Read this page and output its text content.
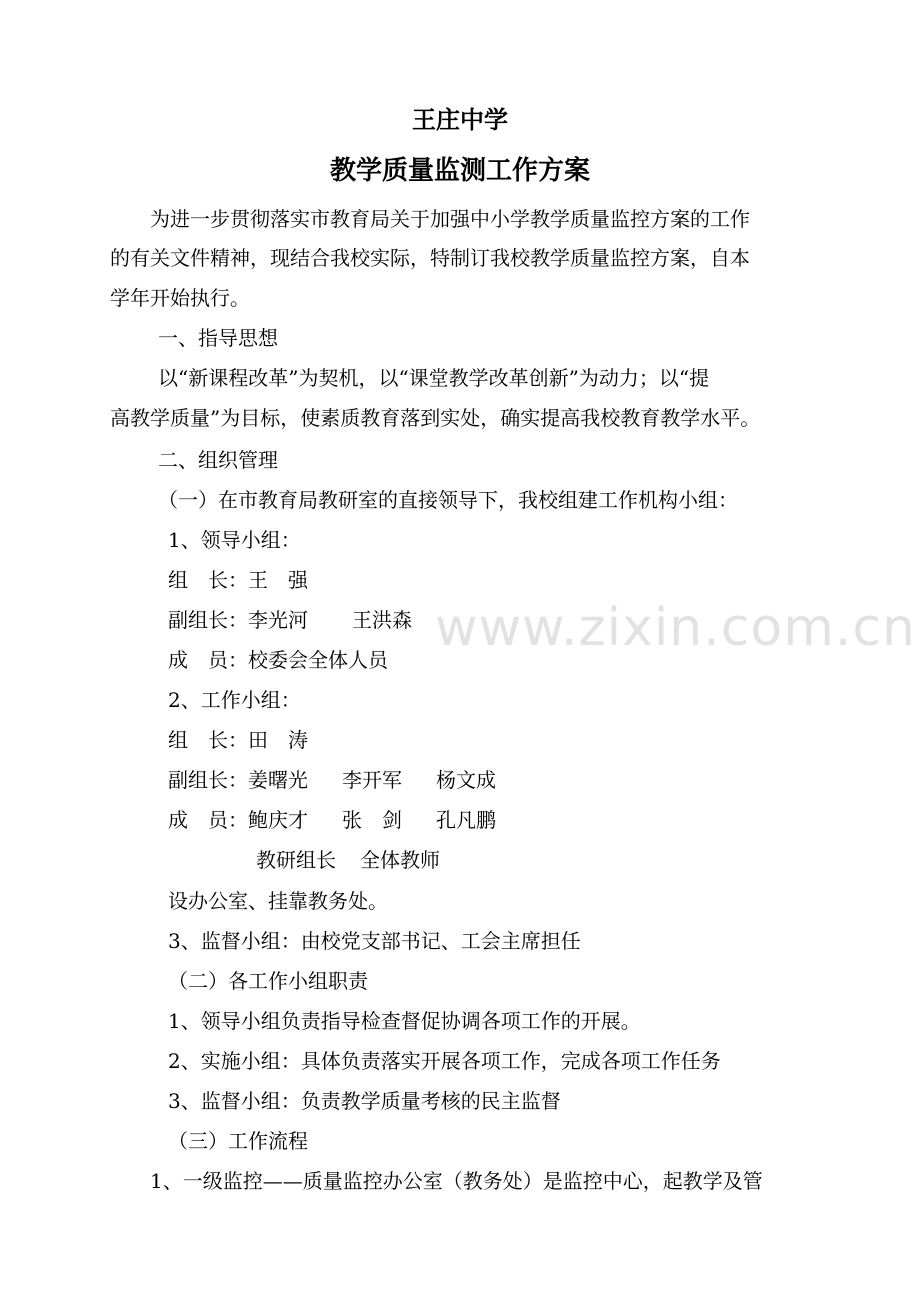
王庄中学
教学质量监测工作方案
为进一步贯彻落实市教育局关于加强中小学教学质量监控方案的工作
的有关文件精神，现结合我校实际，特制订我校教学质量监控方案，自本
学年开始执行。
一、指导思想
以“新课程改革”为契机，以“课堂教学改革创新”为动力；以“提
高教学质量”为目标，使素质教育落到实处，确实提高我校教育教学水平。
二、组织管理
（一）在市教育局教研室的直接领导下，我校组建工作机构小组：
1、领导小组：
组　长：王　强
副组长：李光河 王洪森
成　员：校委会全体人员
2、工作小组：
组　长：田　涛
副组长：姜曙光 李开军 杨文成
成　员：鲍庆才 张　剑 孔凡鹏
教研组长 全体教师
设办公室、挂靠教务处。
3、监督小组：由校党支部书记、工会主席担任
（二）各工作小组职责
1、领导小组负责指导检查督促协调各项工作的开展。
2、实施小组：具体负责落实开展各项工作，完成各项工作任务
3、监督小组：负责教学质量考核的民主监督
（三）工作流程
1、一级监控——质量监控办公室（教务处）是监控中心，起教学及管
www.zixin.com.cn
